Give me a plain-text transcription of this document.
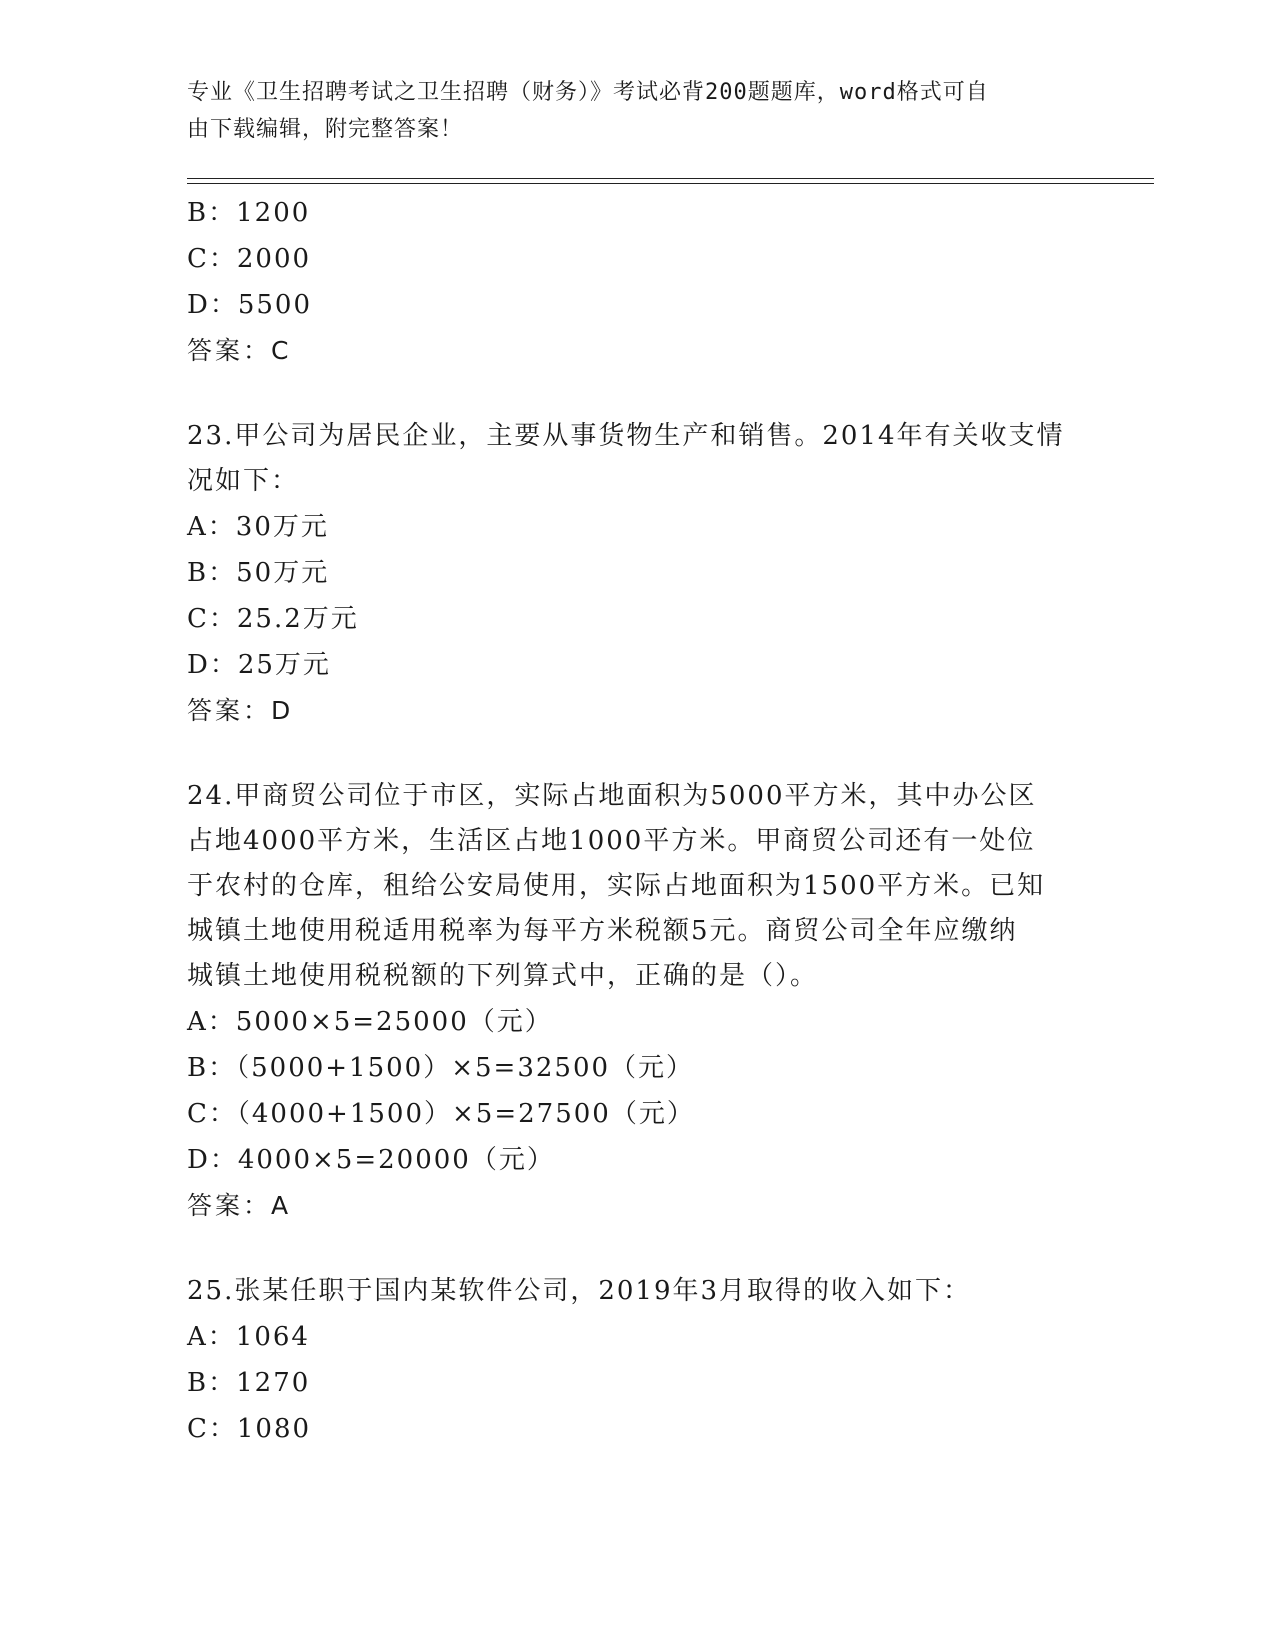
专业《卫生招聘考试之卫生招聘（财务）》考试必背200题题库，word格式可自
由下载编辑，附完整答案！
B：1200
C：2000
D：5500
答案：C
23.甲公司为居民企业，主要从事货物生产和销售。2014年有关收支情
况如下：
A：30万元
B：50万元
C：25.2万元
D：25万元
答案：D
24.甲商贸公司位于市区，实际占地面积为5000平方米，其中办公区
占地4000平方米，生活区占地1000平方米。甲商贸公司还有一处位
于农村的仓库，租给公安局使用，实际占地面积为1500平方米。已知
城镇土地使用税适用税率为每平方米税额5元。商贸公司全年应缴纳
城镇土地使用税税额的下列算式中，正确的是（）。
A：5000×5=25000（元）
B：（5000+1500）×5=32500（元）
C：（4000+1500）×5=27500（元）
D：4000×5=20000（元）
答案：A
25.张某任职于国内某软件公司，2019年3月取得的收入如下：
A：1064
B：1270
C：1080
